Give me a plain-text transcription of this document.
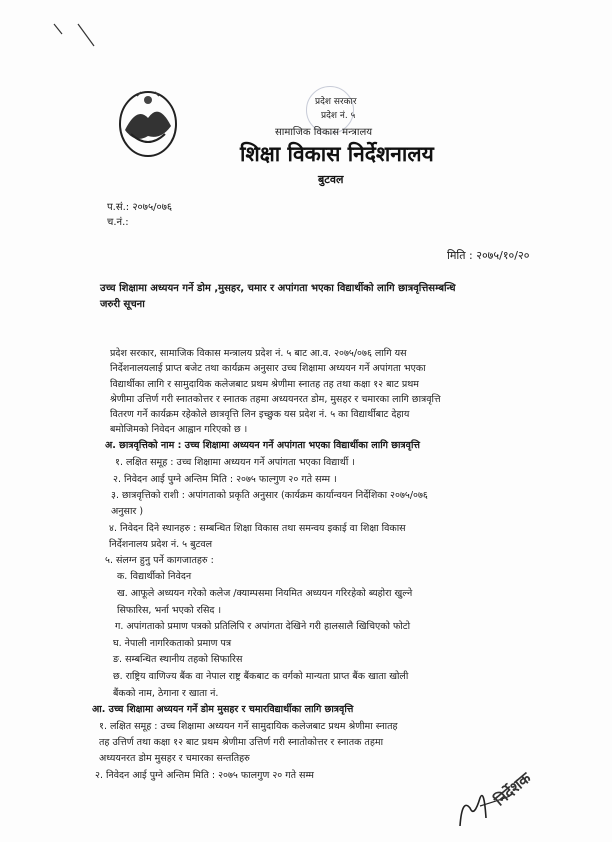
प्रदेश सरकार
प्रदेश नं. ५
सामाजिक विकास मन्त्रालय
शिक्षा विकास निर्देशनालय
बुटवल
प.सं.: २०७५/०७६
च.नं.:
मिति : २०७५/१०/२०
उच्च शिक्षामा अध्ययन गर्ने डोम ,मुसहर, चमार र अपांगता भएका विद्यार्थीको लागि छात्रवृत्तिसम्बन्धि
जरुरी सूचना
प्रदेश सरकार, सामाजिक विकास मन्त्रालय प्रदेश नं. ५ बाट आ.व. २०७५/०७६ लागि यस
निर्देशनालयलाई प्राप्त बजेट तथा कार्यक्रम अनुसार उच्च शिक्षामा अध्ययन गर्ने अपांगता भएका
विद्यार्थीका लागि र सामुदायिक कलेजबाट प्रथम श्रेणीमा स्नातह तह तथा कक्षा १२ बाट प्रथम
श्रेणीमा उत्तिर्ण गरी स्नातकोत्तर र स्नातक तहमा अध्ययनरत डोम, मुसहर र चमारका लागि छात्रवृत्ति
वितरण गर्ने कार्यक्रम रहेकोले छात्रवृत्ति लिन इच्छुक यस प्रदेश नं. ५ का विद्यार्थीबाट देहाय
बमोजिमको निवेदन आह्वान गरिएको छ ।
अ. छात्रवृत्तिको नाम : उच्च शिक्षामा अध्ययन गर्ने अपांगता भएका विद्यार्थीका लागि छात्रवृत्ति
१. लक्षित समूह : उच्च शिक्षामा अध्ययन गर्ने अपांगता भएका विद्यार्थी ।
२. निवेदन आई पुग्ने अन्तिम मिति : २०७५ फाल्गुण २० गते सम्म ।
३. छात्रवृत्तिको राशी : अपांगताको प्रकृति अनुसार (कार्यक्रम कार्यान्वयन निर्देशिका २०७५/०७६
अनुसार )
४. निवेदन दिने स्थानहरु : सम्बन्धित शिक्षा विकास तथा समन्वय इकाई वा शिक्षा विकास
निर्देशनालय प्रदेश नं. ५ बुटवल
५. संलग्न हुनु पर्ने कागजातहरु :
क. विद्यार्थीको निवेदन
ख. आफूले अध्ययन गरेको कलेज /क्याम्पसमा नियमित अध्ययन गरिरहेको ब्यहोरा खुल्ने
सिफारिस, भर्ना भएको रसिद ।
ग. अपांगताको प्रमाण पत्रको प्रतिलिपि र अपांगता देखिने गरी हालसालै खिचिएको फोटो
घ. नेपाली नागरिकताको प्रमाण पत्र
ङ. सम्बन्धित स्थानीय तहको सिफारिस
छ. राष्ट्रिय वाणिज्य बैंक वा नेपाल राष्ट्र बैंकबाट क वर्गको मान्यता प्राप्त बैंक खाता खोली
बैंकको नाम, ठेगाना र खाता नं.
आ. उच्च शिक्षामा अध्ययन गर्ने डोम मुसहर र चमारविद्यार्थीका लागि छात्रवृत्ति
१. लक्षित समूह : उच्च शिक्षामा अध्ययन गर्ने सामुदायिक कलेजबाट प्रथम श्रेणीमा स्नातह
तह उत्तिर्ण तथा कक्षा १२ बाट प्रथम श्रेणीमा उत्तिर्ण गरी स्नातोकोत्तर र स्नातक तहमा
अध्ययनरत डोम मुसहर र चमारका सन्ततिहरु
२. निवेदन आई पुग्ने अन्तिम मिति : २०७५ फालगुण २० गते सम्म	निर्देशक
